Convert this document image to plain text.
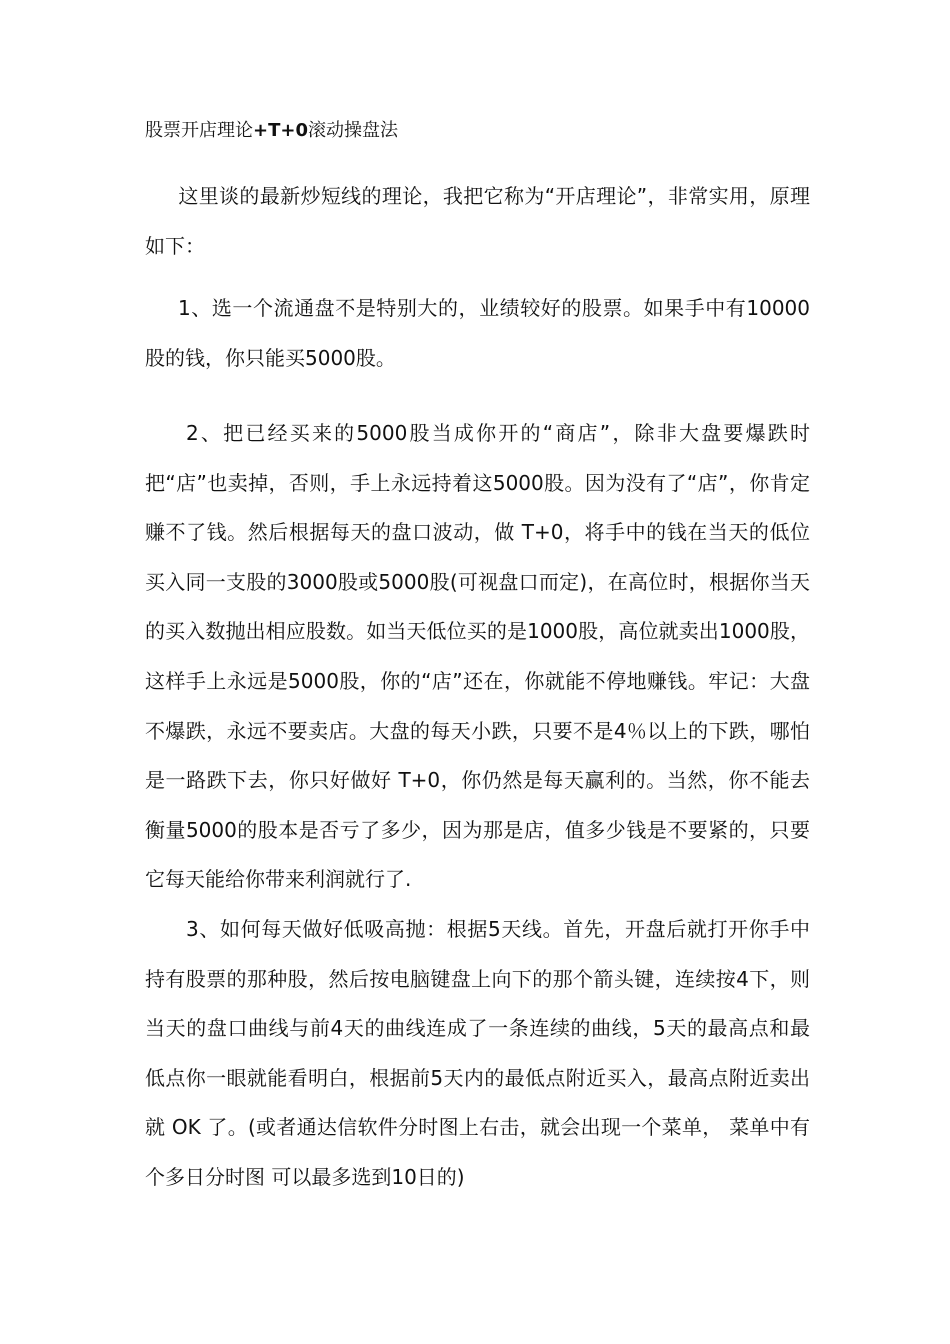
股票开店理论+T+0滚动操盘法
这里谈的最新炒短线的理论，我把它称为“开店理论”，非常实用，原理如下：
1、选一个流通盘不是特别大的，业绩较好的股票。如果手中有10000股的钱，你只能买5000股。
2、把已经买来的5000股当成你开的“商店”，除非大盘要爆跌时把“店”也卖掉，否则，手上永远持着这5000股。因为没有了“店”，你肯定赚不了钱。然后根据每天的盘口波动，做 T+0，将手中的钱在当天的低位买入同一支股的3000股或5000股(可视盘口而定)，在高位时，根据你当天的买入数抛出相应股数。如当天低位买的是1000股，高位就卖出1000股，这样手上永远是5000股，你的“店”还在，你就能不停地赚钱。牢记：大盘不爆跌，永远不要卖店。大盘的每天小跌，只要不是4％以上的下跌，哪怕是一路跌下去，你只好做好 T+0，你仍然是每天赢利的。当然，你不能去衡量5000的股本是否亏了多少，因为那是店，值多少钱是不要紧的，只要它每天能给你带来利润就行了.
3、如何每天做好低吸高抛：根据5天线。首先，开盘后就打开你手中持有股票的那种股，然后按电脑键盘上向下的那个箭头键，连续按4下，则当天的盘口曲线与前4天的曲线连成了一条连续的曲线，5天的最高点和最低点你一眼就能看明白，根据前5天内的最低点附近买入，最高点附近卖出就 OK 了。(或者通达信软件分时图上右击，就会出现一个菜单， 菜单中有个多日分时图 可以最多选到10日的)
